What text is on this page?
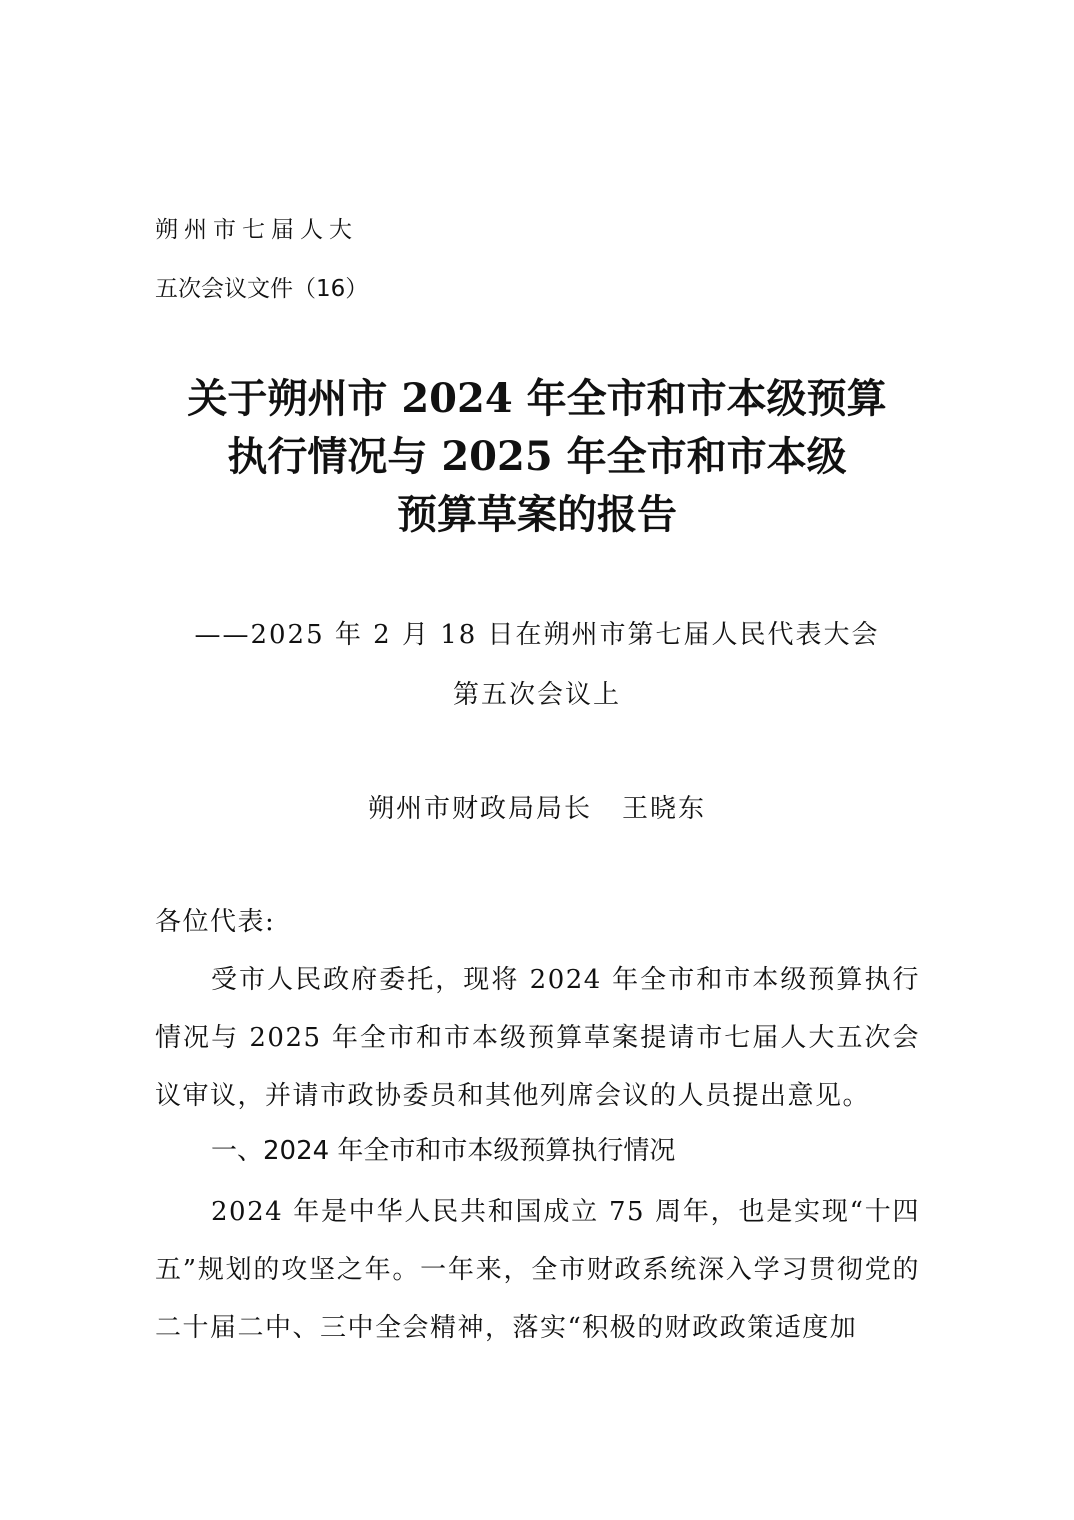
朔州市七届人大
五次会议文件（16）
关于朔州市 2024 年全市和市本级预算
执行情况与 2025 年全市和市本级
预算草案的报告
——2025 年 2 月 18 日在朔州市第七届人民代表大会
第五次会议上
朔州市财政局局长 王晓东
各位代表:
受市人民政府委托，现将 2024 年全市和市本级预算执行情况与 2025 年全市和市本级预算草案提请市七届人大五次会议审议，并请市政协委员和其他列席会议的人员提出意见。
一、2024 年全市和市本级预算执行情况
2024 年是中华人民共和国成立 75 周年，也是实现“十四五”规划的攻坚之年。一年来，全市财政系统深入学习贯彻党的二十届二中、三中全会精神，落实“积极的财政政策适度加
